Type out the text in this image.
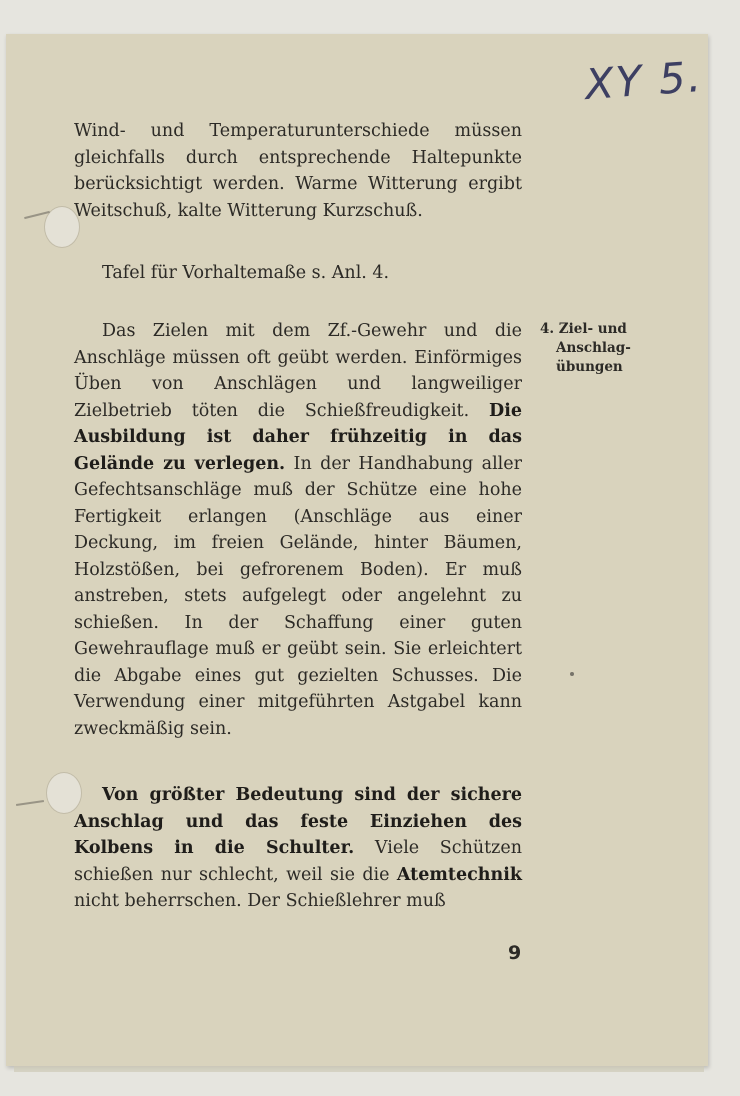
XY 5.

Wind- und Temperaturunterschiede müssen gleichfalls durch entsprechende Haltepunkte berücksichtigt werden. Warme Witterung ergibt Weitschuß, kalte Witterung Kurzschuß.

Tafel für Vorhaltemaße s. Anl. 4.

Das Zielen mit dem Zf.-Gewehr und die Anschläge müssen oft geübt werden. Einförmiges Üben von Anschlägen und langweiliger Zielbetrieb töten die Schießfreudigkeit. Die Ausbildung ist daher frühzeitig in das Gelände zu verlegen. In der Handhabung aller Gefechtsanschläge muß der Schütze eine hohe Fertigkeit erlangen (Anschläge aus einer Deckung, im freien Gelände, hinter Bäumen, Holzstößen, bei gefrorenem Boden). Er muß anstreben, stets aufgelegt oder angelehnt zu schießen. In der Schaffung einer guten Gewehrauflage muß er geübt sein. Sie erleichtert die Abgabe eines gut gezielten Schusses. Die Verwendung einer mitgeführten Astgabel kann zweckmäßig sein.

Von größter Bedeutung sind der sichere Anschlag und das feste Einziehen des Kolbens in die Schulter. Viele Schützen schießen nur schlecht, weil sie die Atemtechnik nicht beherrschen. Der Schießlehrer muß

4. Ziel- und
Anschlag-
übungen
9
